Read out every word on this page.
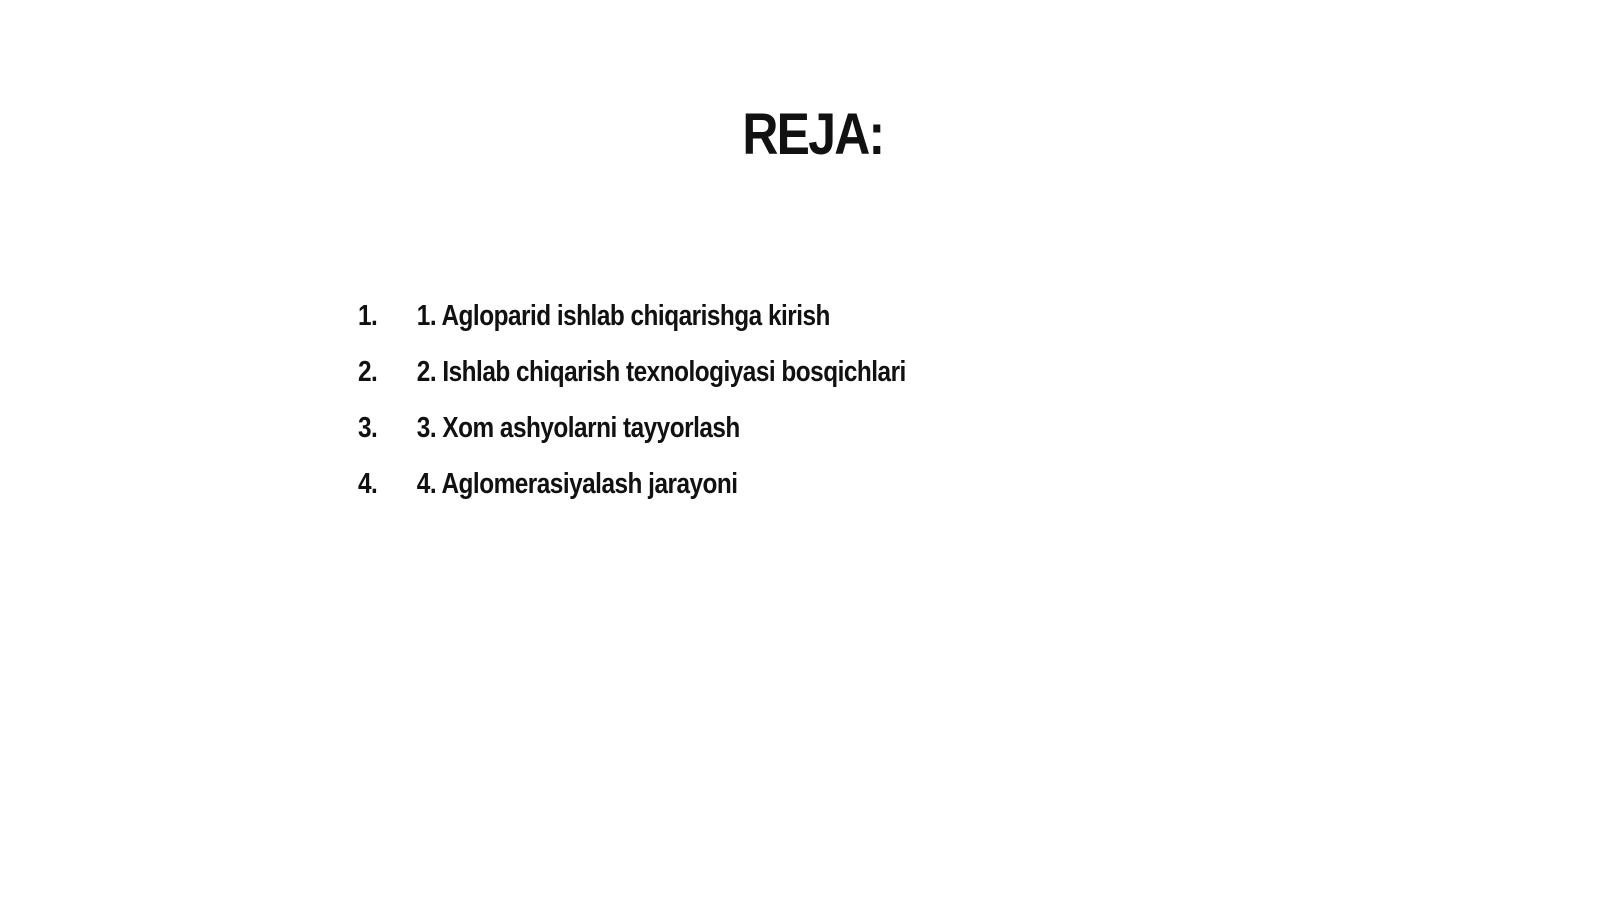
REJA:
1.	1. Agloparid ishlab chiqarishga kirish
2.	2. Ishlab chiqarish texnologiyasi bosqichlari
3.	3. Xom ashyolarni tayyorlash
4.	4. Aglomerasiyalash jarayoni
